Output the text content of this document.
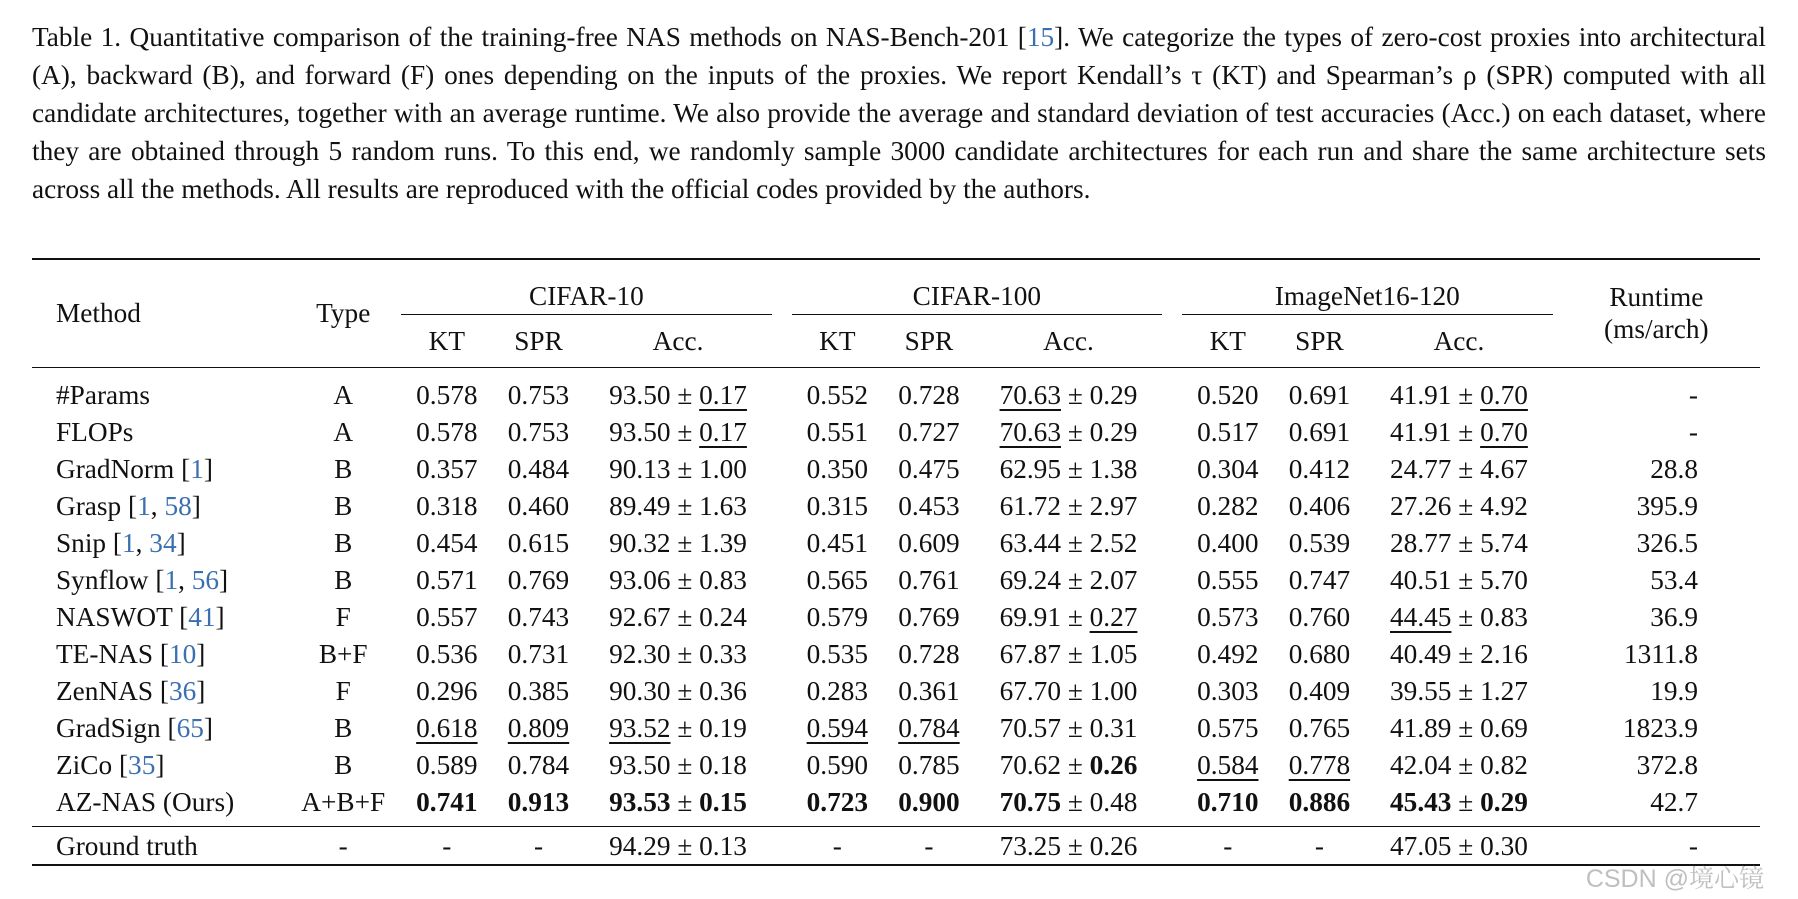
Table 1. Quantitative comparison of the training-free NAS methods on NAS-Bench-201 [15]. We categorize the types of zero-cost proxies into architectural (A), backward (B), and forward (F) ones depending on the inputs of the proxies. We report Kendall’s τ (KT) and Spearman’s ρ (SPR) computed with all candidate architectures, together with an average runtime. We also provide the average and standard deviation of test accuracies (Acc.) on each dataset, where they are obtained through 5 random runs. To this end, we randomly sample 3000 candidate architectures for each run and share the same architecture sets across all the methods. All results are reproduced with the official codes provided by the authors.
Method	Type	CIFAR-10				CIFAR-100				ImageNet16-120			Runtime
(ms/arch)

		KT	SPR	Acc.		KT	SPR	Acc.		KT	SPR	Acc.	
#Params	A	0.578	0.753	93.50 ± 0.17		0.552	0.728	70.63 ± 0.29		0.520	0.691	41.91 ± 0.70	-
FLOPs	A	0.578	0.753	93.50 ± 0.17		0.551	0.727	70.63 ± 0.29		0.517	0.691	41.91 ± 0.70	-
GradNorm [1]	B	0.357	0.484	90.13 ± 1.00		0.350	0.475	62.95 ± 1.38		0.304	0.412	24.77 ± 4.67	28.8
Grasp [1, 58]	B	0.318	0.460	89.49 ± 1.63		0.315	0.453	61.72 ± 2.97		0.282	0.406	27.26 ± 4.92	395.9
Snip [1, 34]	B	0.454	0.615	90.32 ± 1.39		0.451	0.609	63.44 ± 2.52		0.400	0.539	28.77 ± 5.74	326.5
Synflow [1, 56]	B	0.571	0.769	93.06 ± 0.83		0.565	0.761	69.24 ± 2.07		0.555	0.747	40.51 ± 5.70	53.4
NASWOT [41]	F	0.557	0.743	92.67 ± 0.24		0.579	0.769	69.91 ± 0.27		0.573	0.760	44.45 ± 0.83	36.9
TE-NAS [10]	B+F	0.536	0.731	92.30 ± 0.33		0.535	0.728	67.87 ± 1.05		0.492	0.680	40.49 ± 2.16	1311.8
ZenNAS [36]	F	0.296	0.385	90.30 ± 0.36		0.283	0.361	67.70 ± 1.00		0.303	0.409	39.55 ± 1.27	19.9
GradSign [65]	B	0.618	0.809	93.52 ± 0.19		0.594	0.784	70.57 ± 0.31		0.575	0.765	41.89 ± 0.69	1823.9
ZiCo [35]	B	0.589	0.784	93.50 ± 0.18		0.590	0.785	70.62 ± 0.26		0.584	0.778	42.04 ± 0.82	372.8
AZ-NAS (Ours)	A+B+F	0.741	0.913	93.53 ± 0.15		0.723	0.900	70.75 ± 0.48		0.710	0.886	45.43 ± 0.29	42.7
Ground truth	-	-	-	94.29 ± 0.13		-	-	73.25 ± 0.26		-	-	47.05 ± 0.30	-
CSDN @境心镜
